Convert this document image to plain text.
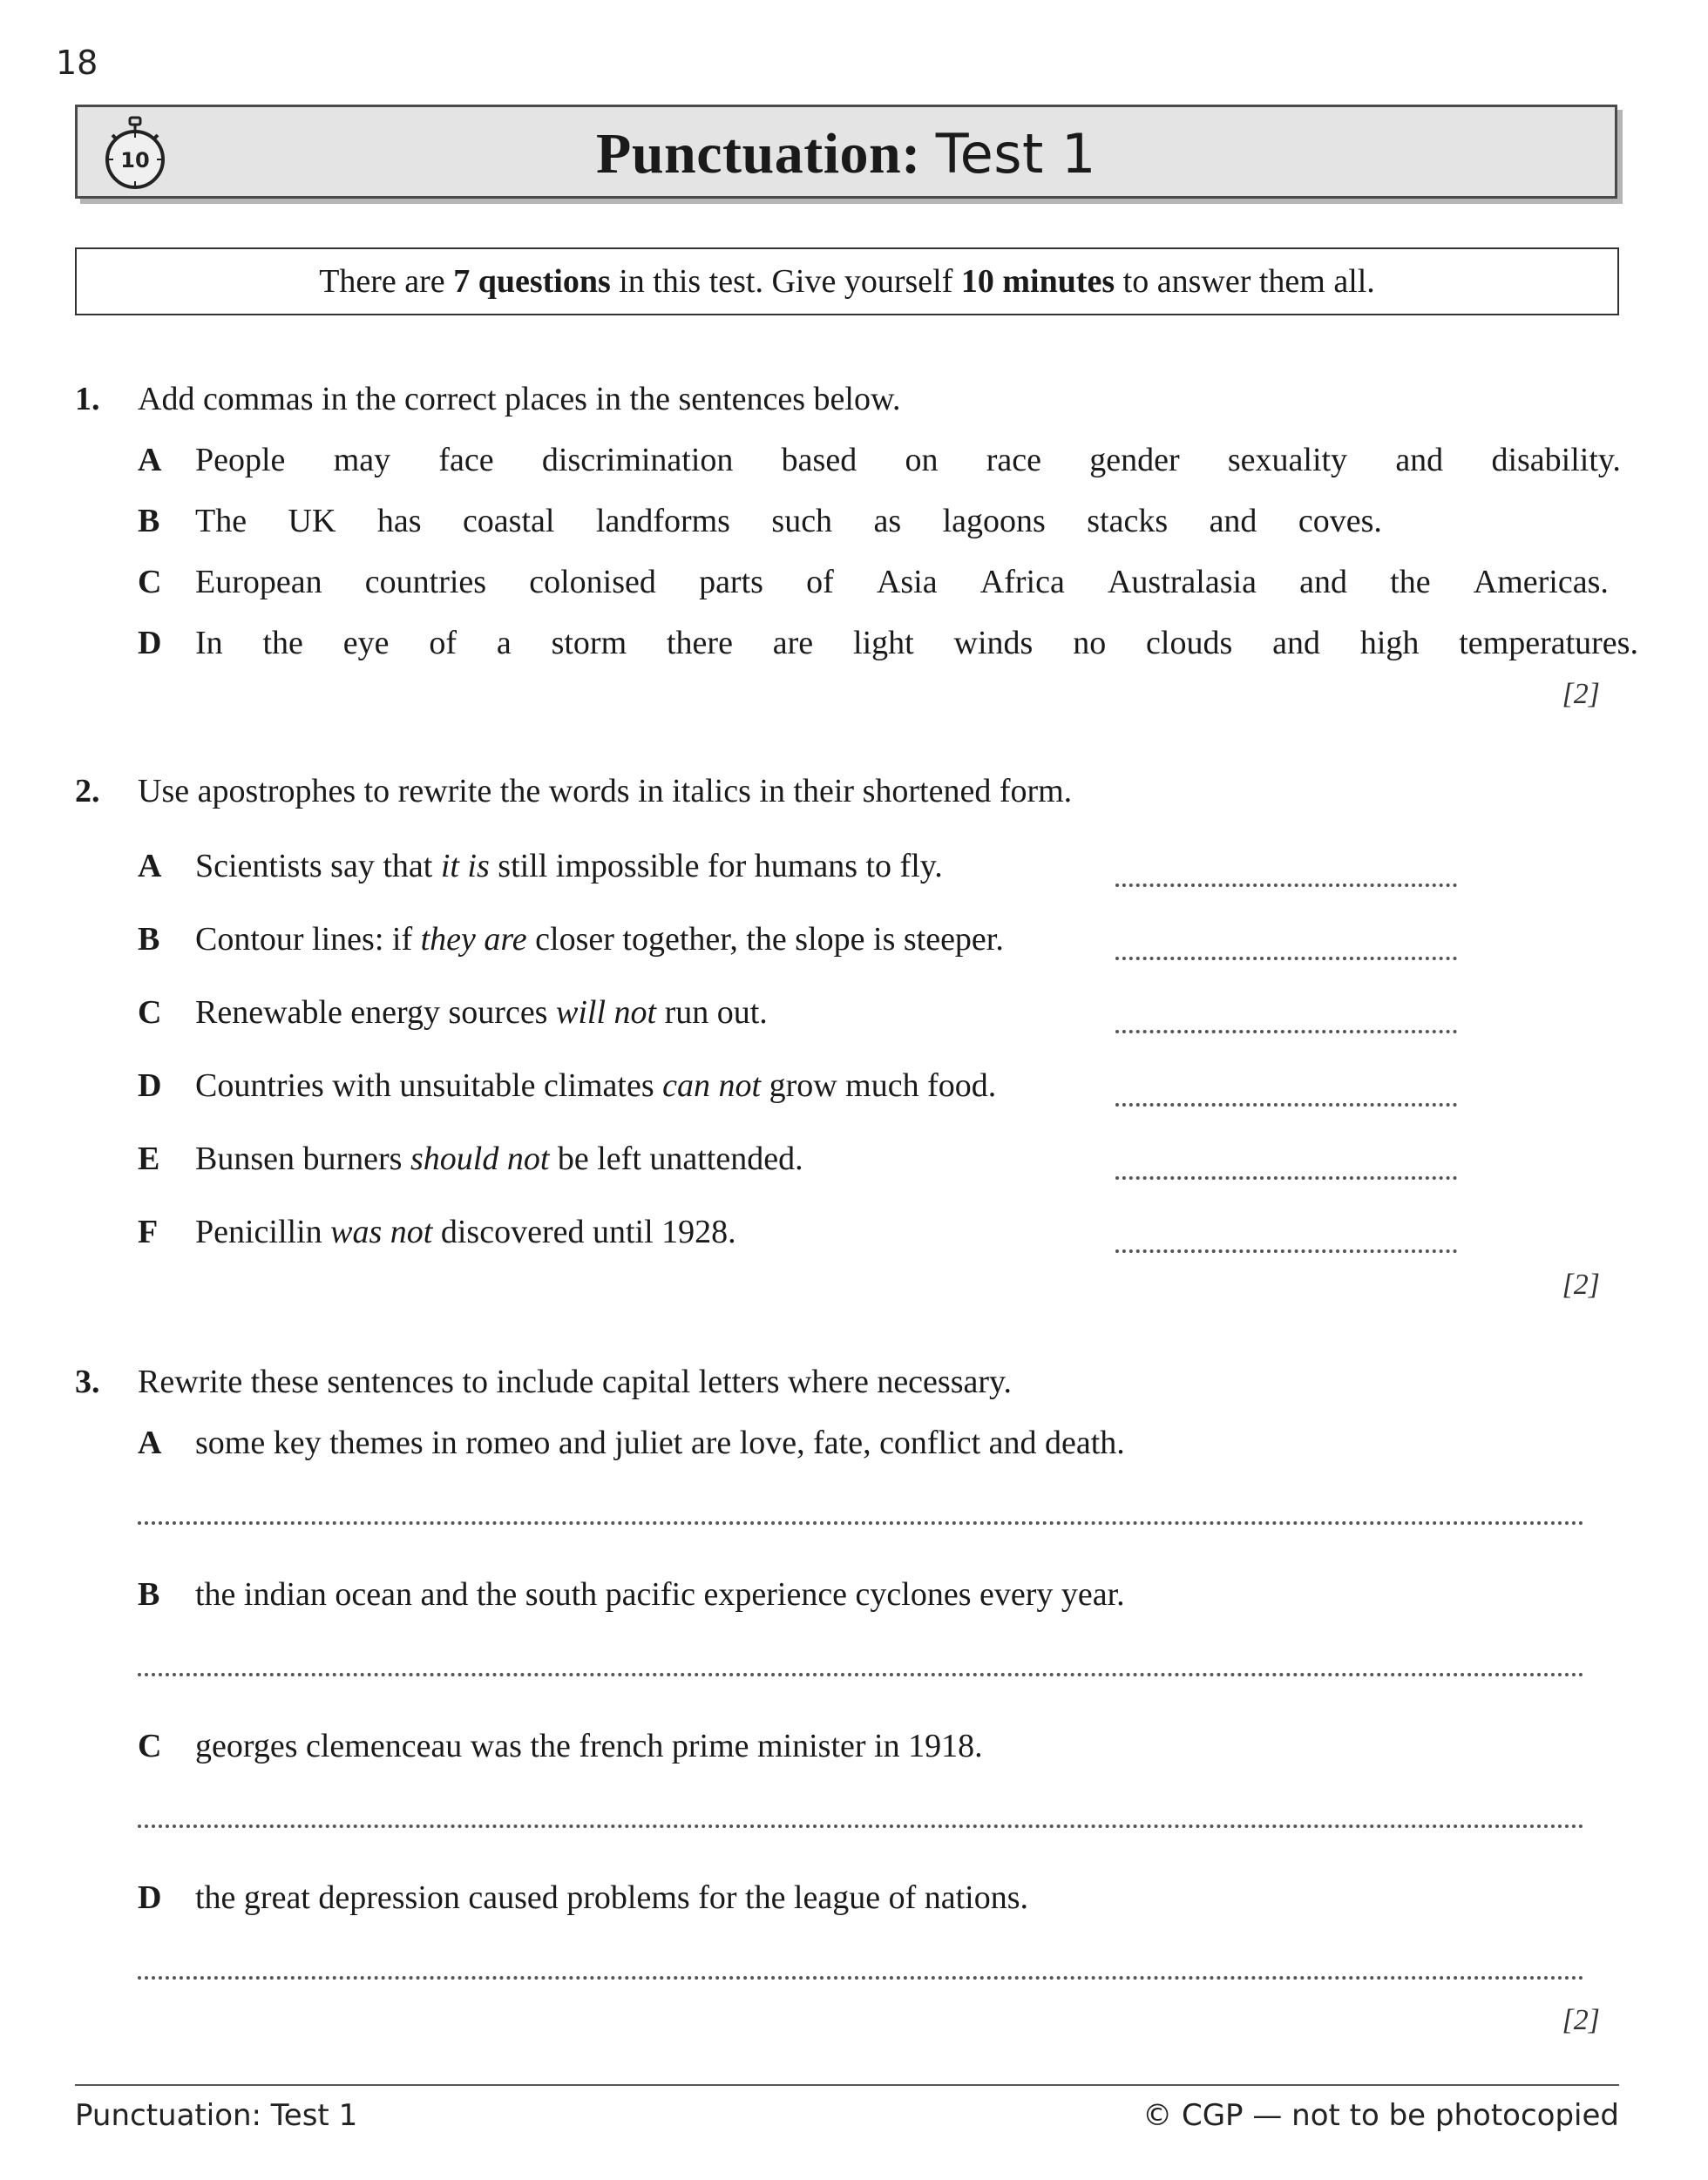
18
10	Punctuation: Test 1
There are 7 questions in this test. Give yourself 10 minutes to answer them all.
1. Add commas in the correct places in the sentences below.
A People may face discrimination based on race gender sexuality and disability.
B The UK has coastal landforms such as lagoons stacks and coves.
C European countries colonised parts of Asia Africa Australasia and the Americas.
D In the eye of a storm there are light winds no clouds and high temperatures.
[2]
2. Use apostrophes to rewrite the words in italics in their shortened form.
A Scientists say that it is still impossible for humans to fly.
B Contour lines: if they are closer together, the slope is steeper.
C Renewable energy sources will not run out.
D Countries with unsuitable climates can not grow much food.
E Bunsen burners should not be left unattended.
F Penicillin was not discovered until 1928.
[2]
3. Rewrite these sentences to include capital letters where necessary.
A some key themes in romeo and juliet are love, fate, conflict and death.
B the indian ocean and the south pacific experience cyclones every year.
C georges clemenceau was the french prime minister in 1918.
D the great depression caused problems for the league of nations.
[2]
Punctuation: Test 1	© CGP — not to be photocopied
